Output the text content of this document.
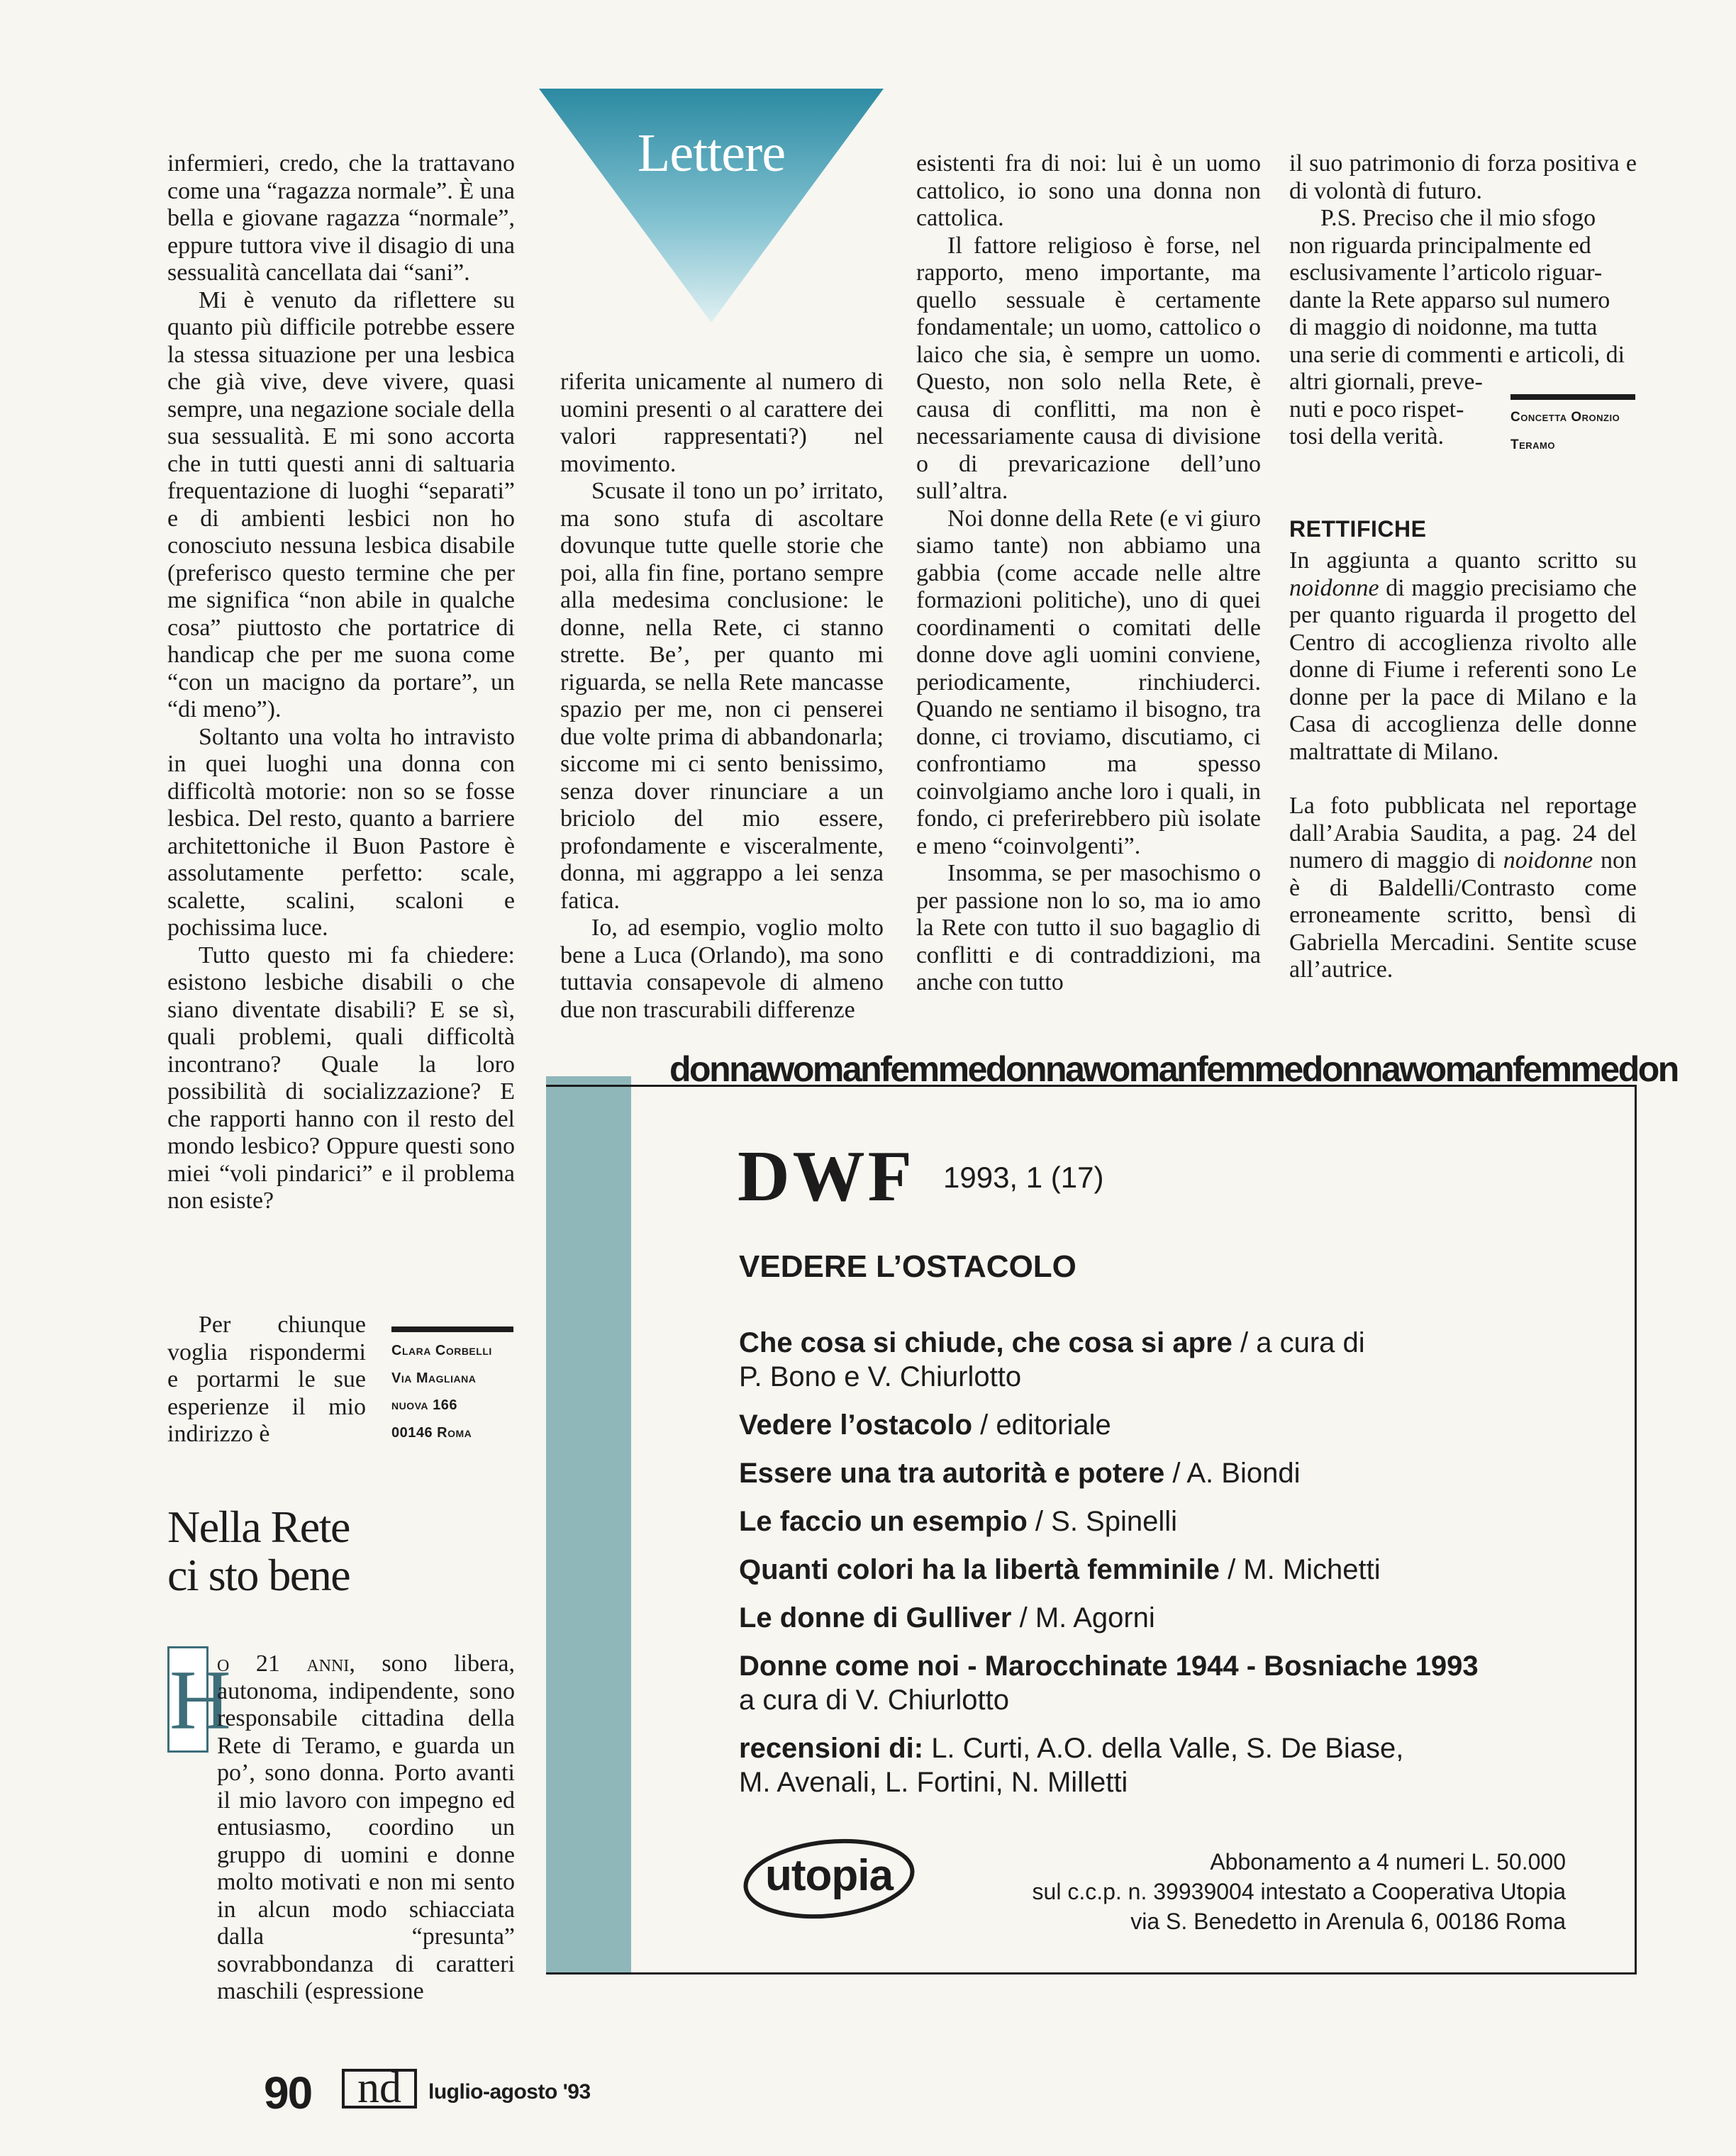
Lettere

infermieri, credo, che la trattavano come una “ragazza normale”. È una bella e giovane ragazza “normale”, eppure tuttora vive il disagio di una sessualità cancellata dai “sani”.

Mi è venuto da riflettere su quanto più difficile potrebbe essere la stessa situazione per una lesbica che già vive, deve vivere, quasi sempre, una negazione sociale della sua sessualità. E mi sono accorta che in tutti questi anni di saltuaria frequentazione di luoghi “separati” e di ambienti lesbici non ho conosciuto nessuna lesbica disabile (preferisco questo termine che per me significa “non abile in qualche cosa” piuttosto che portatrice di handicap che per me suona come “con un macigno da portare”, un “di meno”).

Soltanto una volta ho intravisto in quei luoghi una donna con difficoltà motorie: non so se fosse lesbica. Del resto, quanto a barriere architettoniche il Buon Pastore è assolutamente perfetto: scale, scalette, scalini, scaloni e pochissima luce.

Tutto questo mi fa chiedere: esistono lesbiche disabili o che siano diventate disabili? E se sì, quali problemi, quali difficoltà incontrano? Quale la loro possibilità di socializzazione? E che rapporti hanno con il resto del mondo lesbico? Oppure questi sono miei “voli pindarici” e il problema non esiste?

Per chiunque voglia rispondermi e portarmi le sue esperienze il mio indirizzo è

Clara Corbelli
Via Magliana
nuova 166
00146 Roma
Nella Rete
ci sto bene
H

o 21 anni, sono libera, autonoma, indipendente, sono responsabile cittadina della Rete di Teramo, e guarda un po’, sono donna. Porto avanti il mio lavoro con impegno ed entusiasmo, coordino un gruppo di uomini e donne molto motivati e non mi sento in alcun modo schiacciata dalla “presunta” sovrabbondanza di caratteri maschili (espressione

riferita unicamente al numero di uomini presenti o al carattere dei valori rappresentati?) nel movimento.

Scusate il tono un po’ irritato, ma sono stufa di ascoltare dovunque tutte quelle storie che poi, alla fin fine, portano sempre alla medesima conclusione: le donne, nella Rete, ci stanno strette. Be’, per quanto mi riguarda, se nella Rete mancasse spazio per me, non ci penserei due volte prima di abbandonarla; siccome mi ci sento benissimo, senza dover rinunciare a un briciolo del mio essere, profondamente e visceralmente, donna, mi aggrappo a lei senza fatica.

Io, ad esempio, voglio molto bene a Luca (Orlando), ma sono tuttavia consapevole di almeno due non trascurabili differenze

esistenti fra di noi: lui è un uomo cattolico, io sono una donna non cattolica.

Il fattore religioso è forse, nel rapporto, meno importante, ma quello sessuale è certamente fondamentale; un uomo, cattolico o laico che sia, è sempre un uomo. Questo, non solo nella Rete, è causa di conflitti, ma non è necessariamente causa di divisione o di prevaricazione dell’uno sull’altra.

Noi donne della Rete (e vi giuro siamo tante) non abbiamo una gabbia (come accade nelle altre formazioni politiche), uno di quei coordinamenti o comitati delle donne dove agli uomini conviene, periodicamente, rinchiuderci. Quando ne sentiamo il bisogno, tra donne, ci troviamo, discutiamo, ci confrontiamo ma spesso coinvolgiamo anche loro i quali, in fondo, ci preferirebbero più isolate e meno “coinvolgenti”.

Insomma, se per masochismo o per passione non lo so, ma io amo la Rete con tutto il suo bagaglio di conflitti e di contraddizioni, ma anche con tutto

il suo patrimonio di forza positiva e di volontà di futuro.

P.S. Preciso che il mio sfogo
non riguarda principalmente ed
esclusivamente l’articolo riguar-
dante la Rete apparso sul numero
di maggio di noidonne, ma tutta
una serie di commenti e articoli, di
altri giornali, preve-
nuti e poco rispet-
tosi della verità.
Concetta Oronzio
Teramo
RETTIFICHE

In aggiunta a quanto scritto su noidonne di maggio precisiamo che per quanto riguarda il progetto del Centro di accoglienza rivolto alle donne di Fiume i referenti sono Le donne per la pace di Milano e la Casa di accoglienza delle donne maltrattate di Milano.

La foto pubblicata nel reportage dall’Arabia Saudita, a pag. 24 del numero di maggio di noidonne non è di Baldelli/Contrasto come erroneamente scritto, bensì di Gabriella Mercadini. Sentite scuse all’autrice.

donnawomanfemmedonnawomanfemmedonnawomanfemmedon
DWF 1993, 1 (17)
VEDERE L’OSTACOLO
Che cosa si chiude, che cosa si apre / a cura di
P. Bono e V. Chiurlotto
Vedere l’ostacolo / editoriale
Essere una tra autorità e potere / A. Biondi
Le faccio un esempio / S. Spinelli
Quanti colori ha la libertà femminile / M. Michetti
Le donne di Gulliver / M. Agorni
Donne come noi - Marocchinate 1944 - Bosniache 1993
a cura di V. Chiurlotto
recensioni di: L. Curti, A.O. della Valle, S. De Biase,
M. Avenali, L. Fortini, N. Milletti
utopia	Abbonamento a 4 numeri L. 50.000
sul c.c.p. n. 39939004 intestato a Cooperativa Utopia
via S. Benedetto in Arenula 6, 00186 Roma
90 nd	luglio-agosto '93
